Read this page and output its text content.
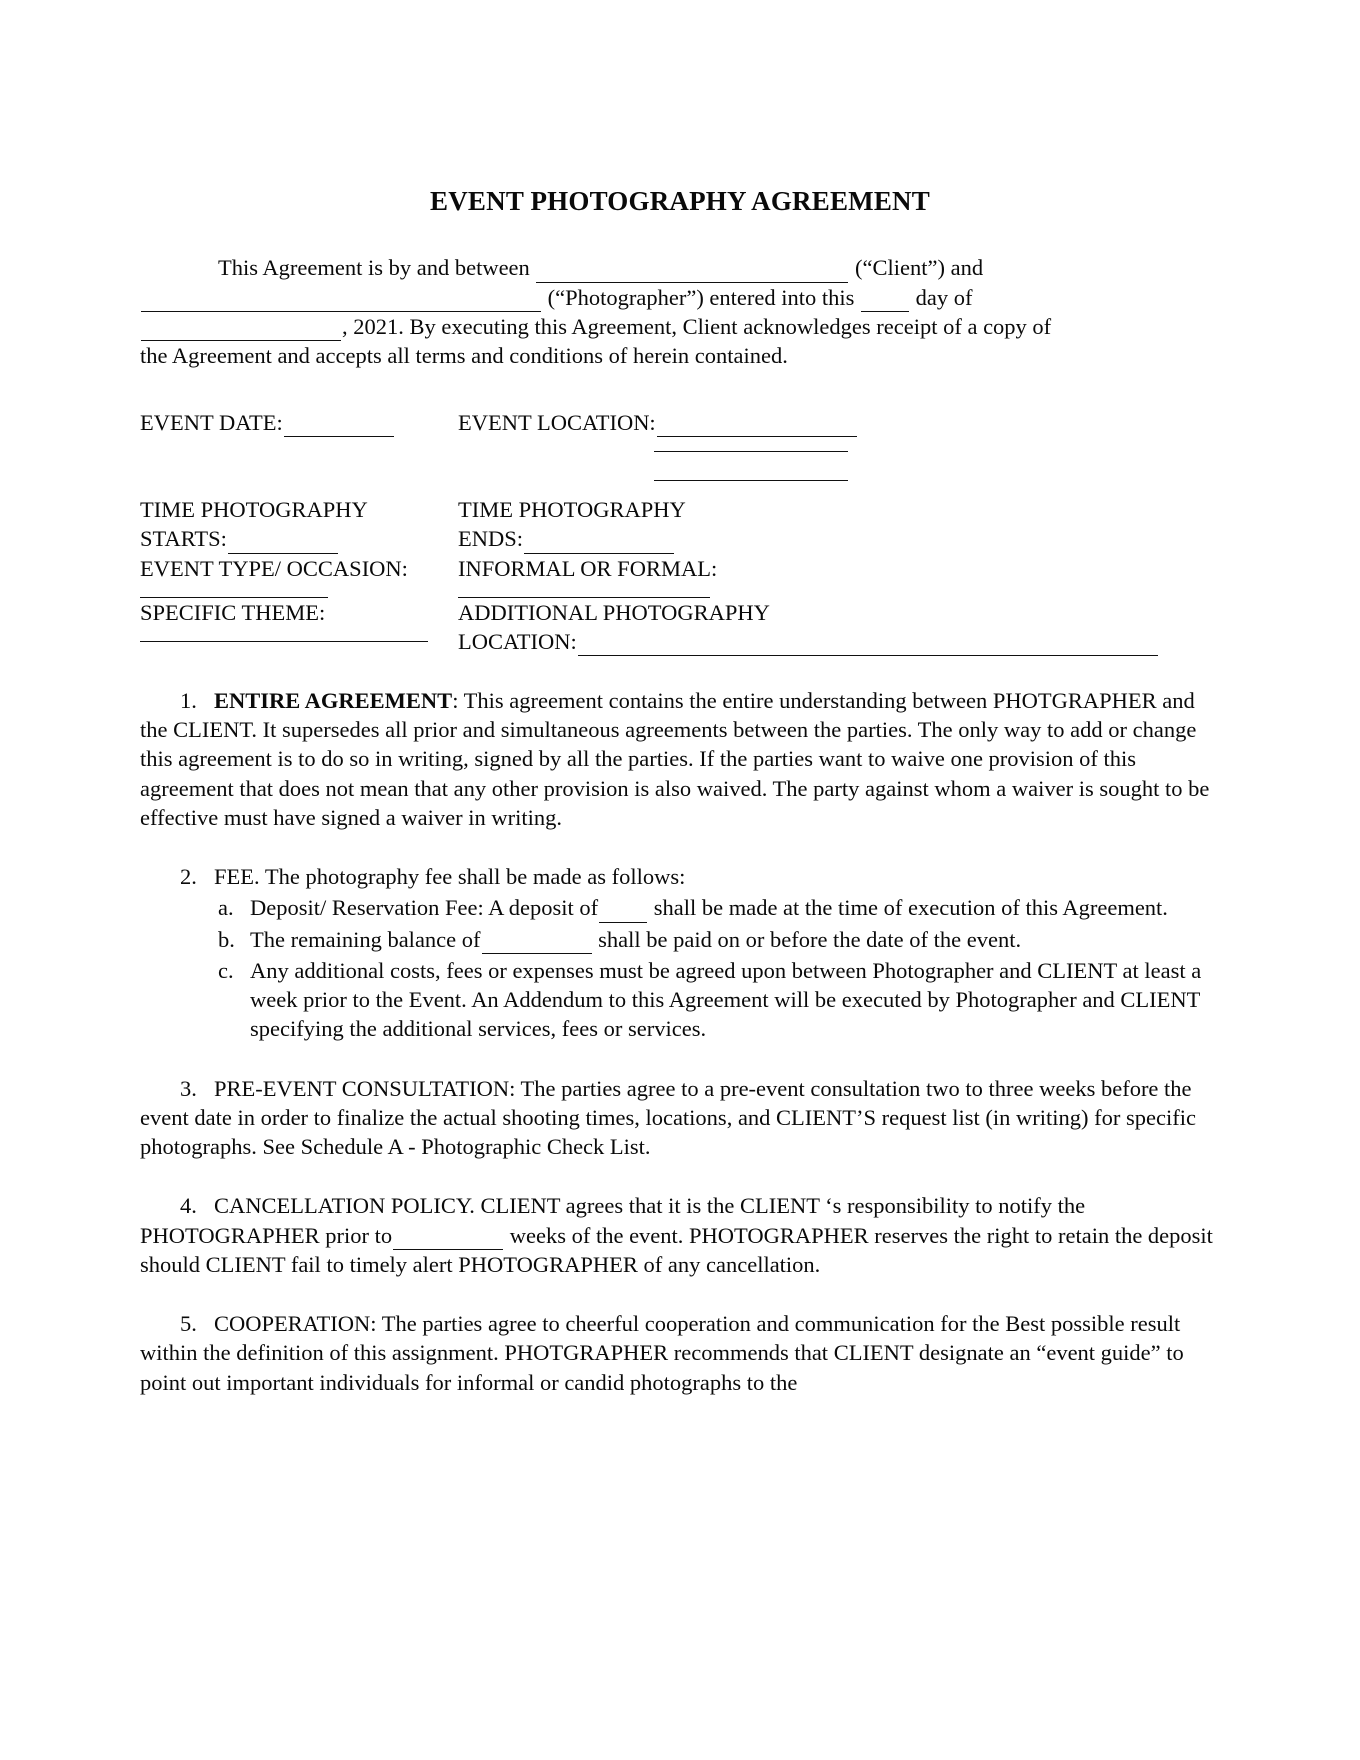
EVENT PHOTOGRAPHY AGREEMENT
This Agreement is by and between	(“Client”) and
(“Photographer”) entered into this	day of
, 2021. By executing this Agreement, Client acknowledges receipt of a copy of
the Agreement and accepts all terms and conditions of herein contained.
EVENT DATE:	EVENT LOCATION:
TIME PHOTOGRAPHY	TIME PHOTOGRAPHY
STARTS:	ENDS:
EVENT TYPE/ OCCASION:	INFORMAL OR FORMAL:
SPECIFIC THEME:	ADDITIONAL PHOTOGRAPHY
LOCATION:

1. ENTIRE AGREEMENT: This agreement contains the entire understanding between PHOTGRAPHER and the CLIENT. It supersedes all prior and simultaneous agreements between the parties. The only way to add or change this agreement is to do so in writing, signed by all the parties. If the parties want to waive one provision of this agreement that does not mean that any other provision is also waived. The party against whom a waiver is sought to be effective must have signed a waiver in writing.

2. FEE. The photography fee shall be made as follows:

a. Deposit/ Reservation Fee: A deposit of shall be made at the time of execution of this Agreement.
b. The remaining balance of	shall be paid on or before the date of the event.
c. Any additional costs, fees or expenses must be agreed upon between Photographer and CLIENT at least a week prior to the Event. An Addendum to this Agreement will be executed by Photographer and CLIENT specifying the additional services, fees or services.

3. PRE-EVENT CONSULTATION: The parties agree to a pre-event consultation two to three weeks before the event date in order to finalize the actual shooting times, locations, and CLIENT’S request list (in writing) for specific photographs. See Schedule A - Photographic Check List.

4. CANCELLATION POLICY. CLIENT agrees that it is the CLIENT ‘s responsibility to notify the PHOTOGRAPHER prior to	weeks of the event. PHOTOGRAPHER reserves the right to retain the deposit should CLIENT fail to timely alert PHOTOGRAPHER of any cancellation.

5. COOPERATION: The parties agree to cheerful cooperation and communication for the Best possible result within the definition of this assignment. PHOTGRAPHER recommends that CLIENT designate an “event guide” to point out important individuals for informal or candid photographs to the
